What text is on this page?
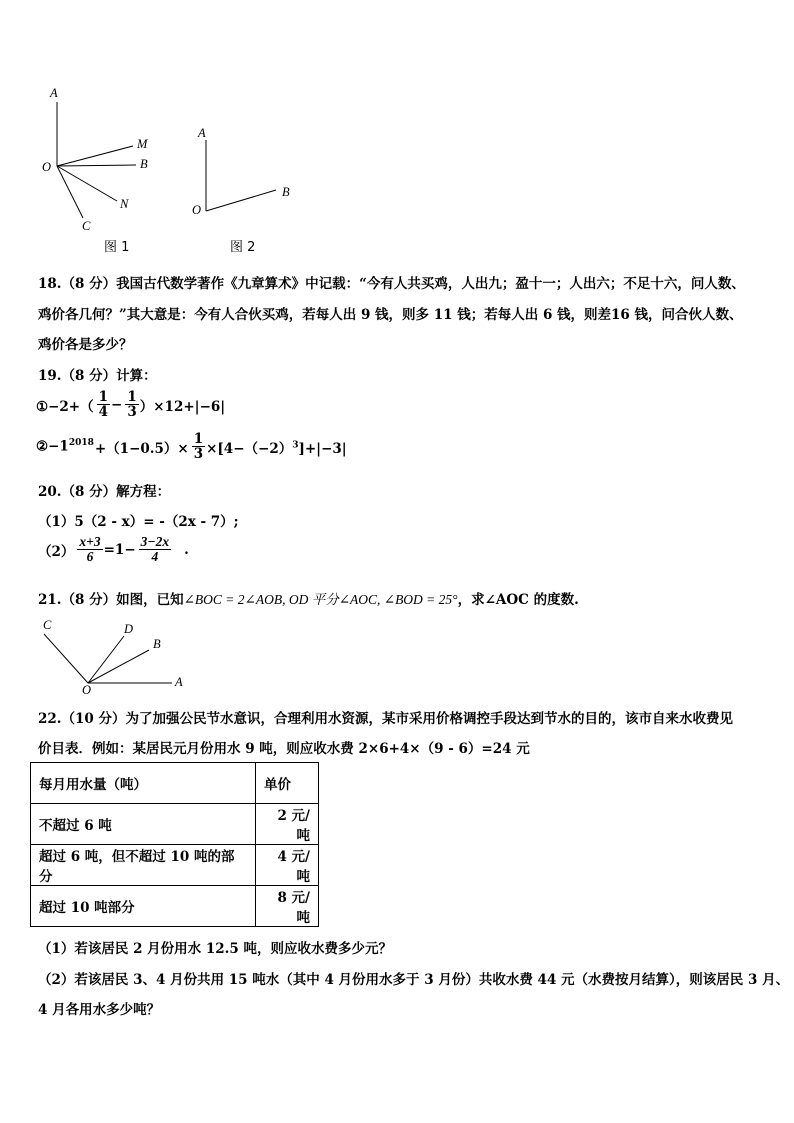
A
M
B
O
N
C
图 1
A
B
O
图 2
18.（8 分）我国古代数学著作《九章算术》中记载：“今有人共买鸡，人出九；盈十一；人出六；不足十六，问人数、
鸡价各几何？”其大意是：今有人合伙买鸡，若每人出 9 钱，则多 11 钱；若每人出 6 钱，则差16 钱，问合伙人数、
鸡价各是多少？
19.（8 分）计算：
①−2+（ $\frac{1}{4} - \frac{1}{3} )\times 12+|-6|$
$②-1^{2018} +(1-0.5)\times \frac{1}{3} \times[4-(-2)^3]+|-3|$
20.（8 分）解方程：
（1）5（2 - x）= -（2x - 7）;
$(2) \frac{x+3}{6} =1- \frac{3-2x}{4}$ .
21.（8 分）如图，已知∠BOC = 2∠AOB, OD 平分∠AOC, ∠BOD = 25°，求∠AOC 的度数.
C	D
B
O
A
22.（10 分）为了加强公民节水意识，合理利用水资源，某市采用价格调控手段达到节水的目的，该市自来水收费见
价目表．例如：某居民元月份用水 9 吨，则应收水费 2×6+4×（9 - 6）=24 元
每月用水量（吨）	单价
不超过 6 吨	2 元/吨
超过 6 吨，但不超过 10 吨的部分	4 元/吨
超过 10 吨部分	8 元/吨
（1）若该居民 2 月份用水 12.5 吨，则应收水费多少元？
（2）若该居民 3、4 月份共用 15 吨水（其中 4 月份用水多于 3 月份）共收水费 44 元（水费按月结算），则该居民 3 月、
4 月各用水多少吨？
